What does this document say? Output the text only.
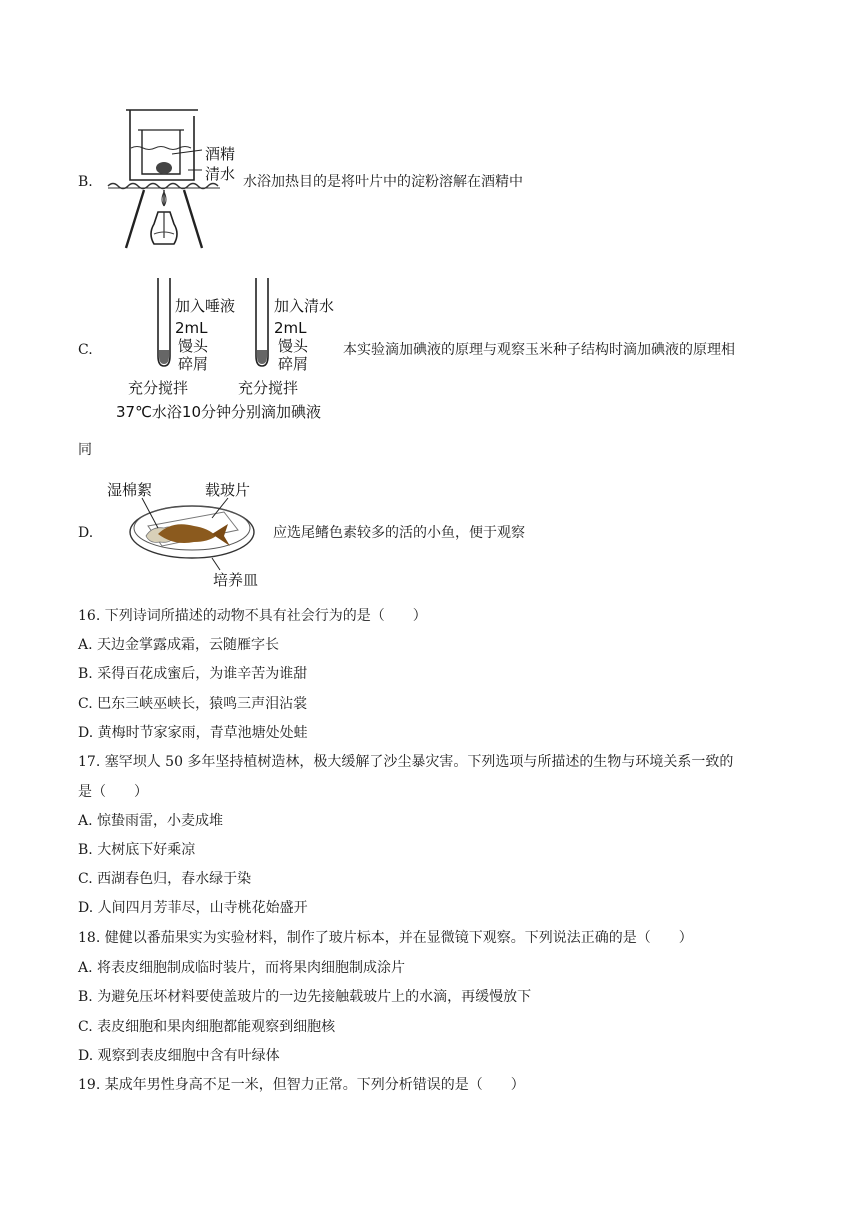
B.
酒精
清水 水浴加热目的是将叶片中的淀粉溶解在酒精中
C.
加入唾液
2mL
馒头
碎屑
加入清水
2mL
馒头
碎屑
充分搅拌	充分搅拌
37℃水浴10分钟分别滴加碘液
本实验滴加碘液的原理与观察玉米种子结构时滴加碘液的原理相
同
D.
湿棉絮	载玻片
培养皿
应选尾鳍色素较多的活的小鱼，便于观察
16. 下列诗词所描述的动物不具有社会行为的是（　　）
A. 天边金掌露成霜，云随雁字长
B. 采得百花成蜜后，为谁辛苦为谁甜
C. 巴东三峡巫峡长，猿鸣三声泪沾裳
D. 黄梅时节家家雨，青草池塘处处蛙
17. 塞罕坝人 50 多年坚持植树造林，极大缓解了沙尘暴灾害。下列选项与所描述的生物与环境关系一致的
是（　　）
A. 惊蛰雨雷，小麦成堆
B. 大树底下好乘凉
C. 西湖春色归，春水绿于染
D. 人间四月芳菲尽，山寺桃花始盛开
18. 健健以番茄果实为实验材料，制作了玻片标本，并在显微镜下观察。下列说法正确的是（　　）
A. 将表皮细胞制成临时装片，而将果肉细胞制成涂片
B. 为避免压坏材料要使盖玻片的一边先接触载玻片上的水滴，再缓慢放下
C. 表皮细胞和果肉细胞都能观察到细胞核
D. 观察到表皮细胞中含有叶绿体
19. 某成年男性身高不足一米，但智力正常。下列分析错误的是（　　）
